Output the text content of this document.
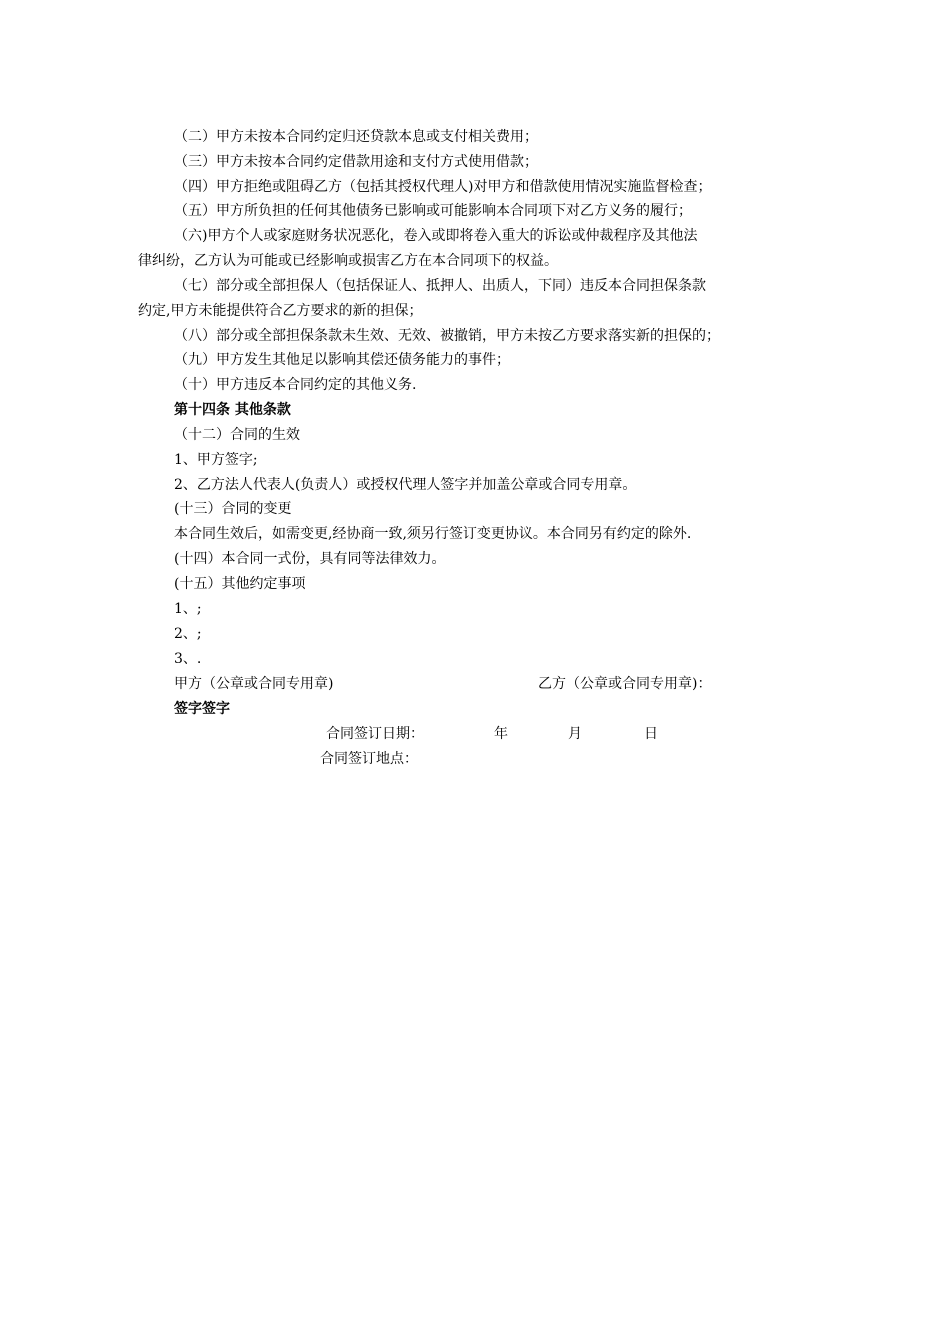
（二）甲方未按本合同约定归还贷款本息或支付相关费用；
（三）甲方未按本合同约定借款用途和支付方式使用借款；
（四）甲方拒绝或阻碍乙方（包括其授权代理人)对甲方和借款使用情况实施监督检查；
（五）甲方所负担的任何其他债务已影响或可能影响本合同项下对乙方义务的履行；
（六)甲方个人或家庭财务状况恶化，卷入或即将卷入重大的诉讼或仲裁程序及其他法
律纠纷，乙方认为可能或已经影响或损害乙方在本合同项下的权益。
（七）部分或全部担保人（包括保证人、抵押人、出质人，下同）违反本合同担保条款
约定,甲方未能提供符合乙方要求的新的担保；
（八）部分或全部担保条款未生效、无效、被撤销，甲方未按乙方要求落实新的担保的；
（九）甲方发生其他足以影响其偿还债务能力的事件；
（十）甲方违反本合同约定的其他义务.
第十四条 其他条款
（十二）合同的生效
1、甲方签字;
2、乙方法人代表人(负责人）或授权代理人签字并加盖公章或合同专用章。
(十三）合同的变更
本合同生效后，如需变更,经协商一致,须另行签订变更协议。本合同另有约定的除外.
(十四）本合同一式份，具有同等法律效力。
(十五）其他约定事项
1、;
2、;
3、.
甲方（公章或合同专用章)	乙方（公章或合同专用章)：
签字签字
合同签订日期：	年	月	日
合同签订地点：
